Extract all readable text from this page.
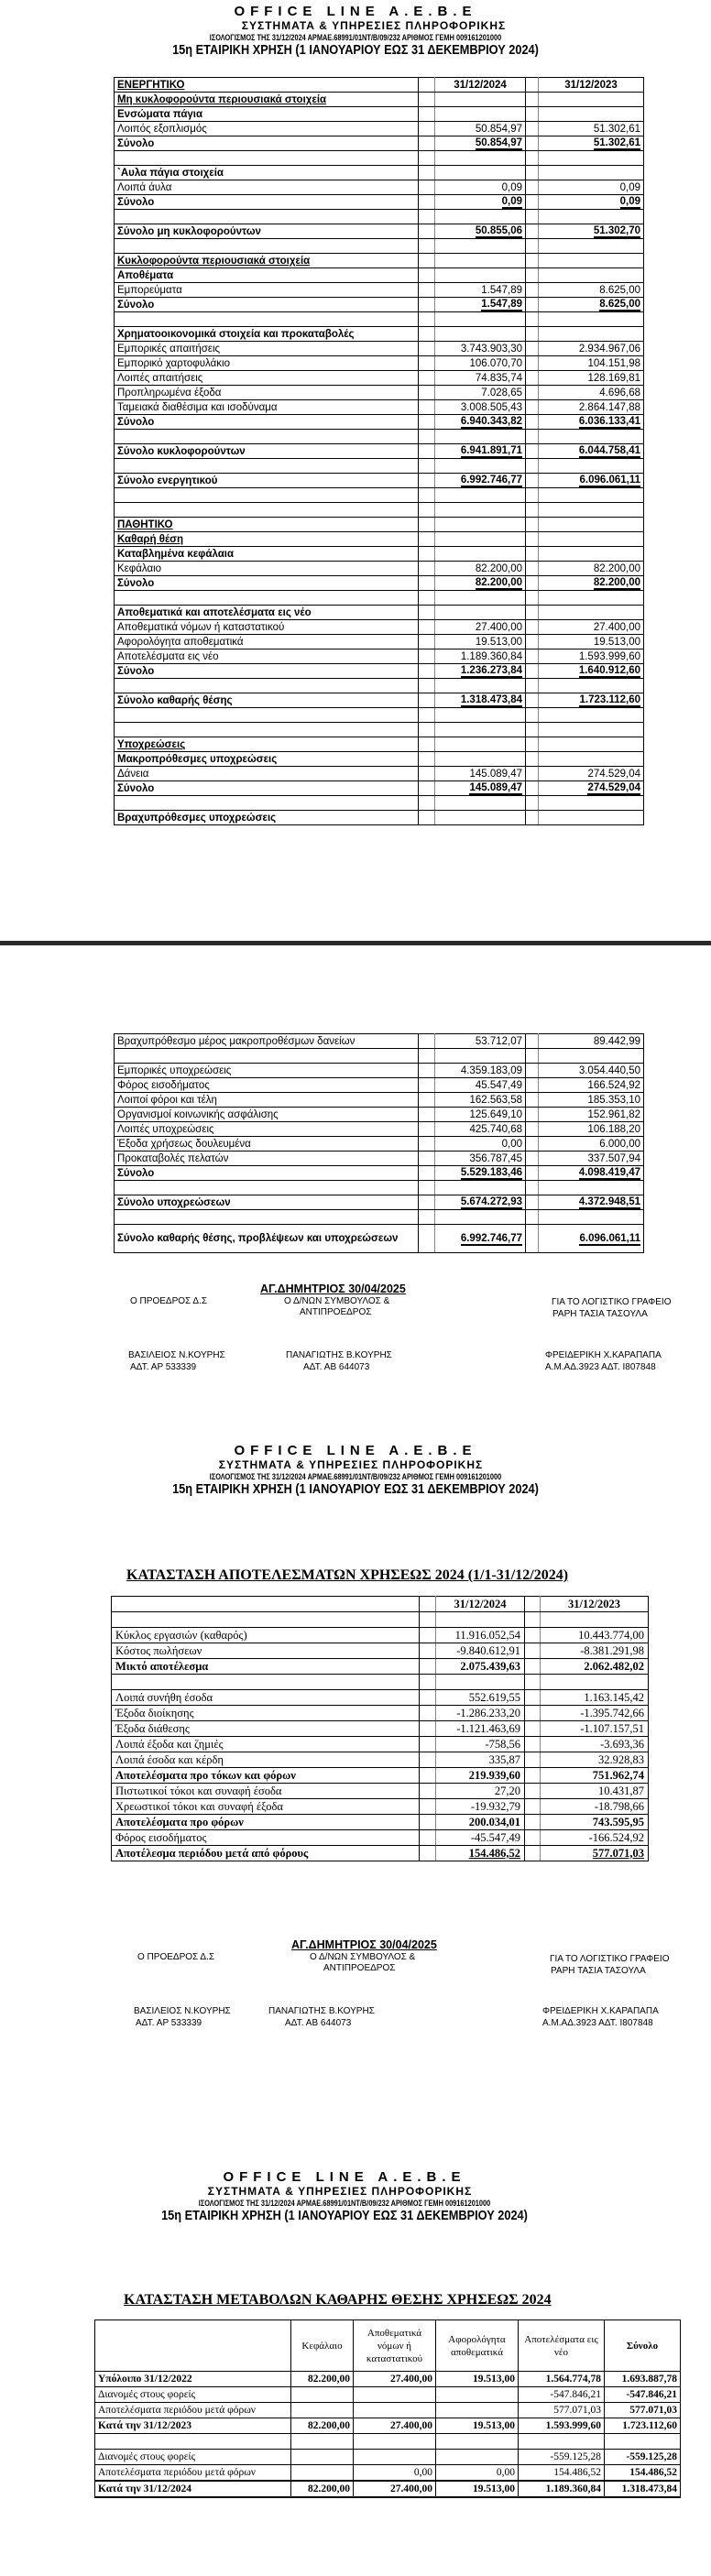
OFFICE LINE A.E.B.E
ΣΥΣΤΗΜΑΤΑ & ΥΠΗΡΕΣΙΕΣ ΠΛΗΡΟΦΟΡΙΚΗΣ
ΙΣΟΛΟΓΙΣΜΟΣ ΤΗΣ 31/12/2024 ΑΡΜΑΕ.68991/01ΝΤ/Β/09/232 ΑΡΙΘΜΟΣ ΓΕΜΗ 009161201000
15η ΕΤΑΙΡΙΚΗ ΧΡΗΣΗ (1 ΙΑΝΟΥΑΡΙΟΥ ΕΩΣ 31 ΔΕΚΕΜΒΡΙΟΥ 2024)
ΕΝΕΡΓΗΤΙΚΟ		31/12/2024		31/12/2023
Μη κυκλοφορούντα περιουσιακά στοιχεία				
Ενσώματα πάγια				
Λοιπός εξοπλισμός		50.854,97		51.302,61
Σύνολο		50.854,97		51.302,61

`Αυλα πάγια στοιχεία				
Λοιπά άυλα		0,09		0,09
Σύνολο		0,09		0,09

Σύνολο μη κυκλοφορούντων		50.855,06		51.302,70

Κυκλοφορούντα περιουσιακά στοιχεία				
Αποθέματα				
Εμπορεύματα		1.547,89		8.625,00
Σύνολο		1.547,89		8.625,00

Χρηματοοικονομικά στοιχεία και προκαταβολές				
Εμπορικές απαιτήσεις		3.743.903,30		2.934.967,06
Εμπορικό χαρτοφυλάκιο		106.070,70		104.151,98
Λοιπές απαιτήσεις		74.835,74		128.169,81
Προπληρωμένα έξοδα		7.028,65		4.696,68
Ταμειακά διαθέσιμα και ισοδύναμα		3.008.505,43		2.864.147,88
Σύνολο		6.940.343,82		6.036.133,41

Σύνολο κυκλοφορούντων		6.941.891,71		6.044.758,41

Σύνολο ενεργητικού		6.992.746,77		6.096.061,11

ΠΑΘΗΤΙΚΟ				
Καθαρή θέση				
Καταβλημένα κεφάλαια				
Κεφάλαιο		82.200,00		82.200,00
Σύνολο		82.200,00		82.200,00

Αποθεματικά και αποτελέσματα εις νέο				
Αποθεματικά νόμων ή καταστατικού		27.400,00		27.400,00
Αφορολόγητα αποθεματικά		19.513,00		19.513,00
Αποτελέσματα εις νέο		1.189.360,84		1.593.999,60
Σύνολο		1.236.273,84		1.640.912,60

Σύνολο καθαρής θέσης		1.318.473,84		1.723.112,60

Υποχρεώσεις				
Μακροπρόθεσμες υποχρεώσεις				
Δάνεια		145.089,47		274.529,04
Σύνολο		145.089,47		274.529,04

Βραχυπρόθεσμες υποχρεώσεις				
Βραχυπρόθεσμο μέρος μακροπροθέσμων δανείων		53.712,07		89.442,99

Εμπορικές υποχρεώσεις		4.359.183,09		3.054.440,50
Φόρος εισοδήματος		45.547,49		166.524,92
Λοιποί φόροι και τέλη		162.563,58		185.353,10
Οργανισμοί κοινωνικής ασφάλισης		125.649,10		152.961,82
Λοιπές υποχρεώσεις		425.740,68		106.188,20
Έξοδα χρήσεως δουλευμένα		0,00		6.000,00
Προκαταβολές πελατών		356.787,45		337.507,94
Σύνολο		5.529.183,46		4.098.419,47

Σύνολο υποχρεώσεων		5.674.272,93		4.372.948,51

Σύνολο καθαρής θέσης, προβλέψεων και υποχρεώσεων		6.992.746,77		6.096.061,11
ΑΓ.ΔΗΜΗΤΡΙΟΣ 30/04/2025
Ο ΠΡΟΕΔΡΟΣ Δ.Σ	Ο Δ/ΝΩΝ ΣΥΜΒΟΥΛΟΣ &
ΑΝΤΙΠΡΟΕΔΡΟΣ
ΓΙΑ ΤΟ ΛΟΓΙΣΤΙΚΟ ΓΡΑΦΕΙΟ
ΡΑΡΗ ΤΑΣΙΑ ΤΑΣΟΥΛΑ
ΒΑΣΙΛΕΙΟΣ Ν.ΚΟΥΡΗΣ
ΑΔΤ. ΑΡ 533339
ΠΑΝΑΓΙΩΤΗΣ Β.ΚΟΥΡΗΣ
ΑΔΤ. ΑΒ 644073
ΦΡΕΙΔΕΡΙΚΗ Χ.ΚΑΡΑΠΑΠΑ
Α.Μ.ΑΔ.3923 ΑΔΤ. Ι807848
OFFICE LINE A.E.B.E
ΣΥΣΤΗΜΑΤΑ & ΥΠΗΡΕΣΙΕΣ ΠΛΗΡΟΦΟΡΙΚΗΣ
ΙΣΟΛΟΓΙΣΜΟΣ ΤΗΣ 31/12/2024 ΑΡΜΑΕ.68991/01ΝΤ/Β/09/232 ΑΡΙΘΜΟΣ ΓΕΜΗ 009161201000
15η ΕΤΑΙΡΙΚΗ ΧΡΗΣΗ (1 ΙΑΝΟΥΑΡΙΟΥ ΕΩΣ 31 ΔΕΚΕΜΒΡΙΟΥ 2024)
ΚΑΤΑΣΤΑΣΗ ΑΠΟΤΕΛΕΣΜΑΤΩΝ ΧΡΗΣΕΩΣ 2024 (1/1-31/12/2024)
		31/12/2024		31/12/2023

Κύκλος εργασιών (καθαρός)		11.916.052,54		10.443.774,00
Κόστος πωλήσεων		-9.840.612,91		-8.381.291,98
Μικτό αποτέλεσμα		2.075.439,63		2.062.482,02

Λοιπά συνήθη έσοδα		552.619,55		1.163.145,42
Έξοδα διοίκησης		-1.286.233,20		-1.395.742,66
Έξοδα διάθεσης		-1.121.463,69		-1.107.157,51
Λοιπά έξοδα και ζημιές		-758,56		-3.693,36
Λοιπά έσοδα και κέρδη		335,87		32.928,83
Αποτελέσματα προ τόκων και φόρων		219.939,60		751.962,74
Πιστωτικοί τόκοι και συναφή έσοδα		27,20		10.431,87
Χρεωστικοί τόκοι και συναφή έξοδα		-19.932,79		-18.798,66
Αποτελέσματα προ φόρων		200.034,01		743.595,95
Φόρος εισοδήματος		-45.547,49		-166.524,92
Αποτέλεσμα περιόδου μετά από φόρους		154.486,52		577.071,03
ΑΓ.ΔΗΜΗΤΡΙΟΣ 30/04/2025
Ο ΠΡΟΕΔΡΟΣ Δ.Σ	Ο Δ/ΝΩΝ ΣΥΜΒΟΥΛΟΣ &
ΑΝΤΙΠΡΟΕΔΡΟΣ
ΓΙΑ ΤΟ ΛΟΓΙΣΤΙΚΟ ΓΡΑΦΕΙΟ
ΡΑΡΗ ΤΑΣΙΑ ΤΑΣΟΥΛΑ
ΒΑΣΙΛΕΙΟΣ Ν.ΚΟΥΡΗΣ
ΑΔΤ. ΑΡ 533339
ΠΑΝΑΓΙΩΤΗΣ Β.ΚΟΥΡΗΣ
ΑΔΤ. ΑΒ 644073
ΦΡΕΙΔΕΡΙΚΗ Χ.ΚΑΡΑΠΑΠΑ
Α.Μ.ΑΔ.3923 ΑΔΤ. Ι807848
OFFICE LINE A.E.B.E
ΣΥΣΤΗΜΑΤΑ & ΥΠΗΡΕΣΙΕΣ ΠΛΗΡΟΦΟΡΙΚΗΣ
ΙΣΟΛΟΓΙΣΜΟΣ ΤΗΣ 31/12/2024 ΑΡΜΑΕ.68991/01ΝΤ/Β/09/232 ΑΡΙΘΜΟΣ ΓΕΜΗ 009161201000
15η ΕΤΑΙΡΙΚΗ ΧΡΗΣΗ (1 ΙΑΝΟΥΑΡΙΟΥ ΕΩΣ 31 ΔΕΚΕΜΒΡΙΟΥ 2024)
ΚΑΤΑΣΤΑΣΗ ΜΕΤΑΒΟΛΩΝ ΚΑΘΑΡΗΣ ΘΕΣΗΣ ΧΡΗΣΕΩΣ 2024
	Κεφάλαιο	Αποθεματικά νόμων ή καταστατικού	Αφορολόγητα αποθεματικά	Αποτελέσματα εις νέο	Σύνολο
Υπόλοιπο 31/12/2022	82.200,00	27.400,00	19.513,00	1.564.774,78	1.693.887,78
Διανομές στους φορείς				-547.846,21	-547.846,21
Αποτελέσματα περιόδου μετά φόρων				577.071,03	577.071,03
Κατά την 31/12/2023	82.200,00	27.400,00	19.513,00	1.593.999,60	1.723.112,60

Διανομές στους φορείς				-559.125,28	-559.125,28
Αποτελέσματα περιόδου μετά φόρων		0,00	0,00	154.486,52	154.486,52
Κατά την 31/12/2024	82.200,00	27.400,00	19.513,00	1.189.360,84	1.318.473,84
